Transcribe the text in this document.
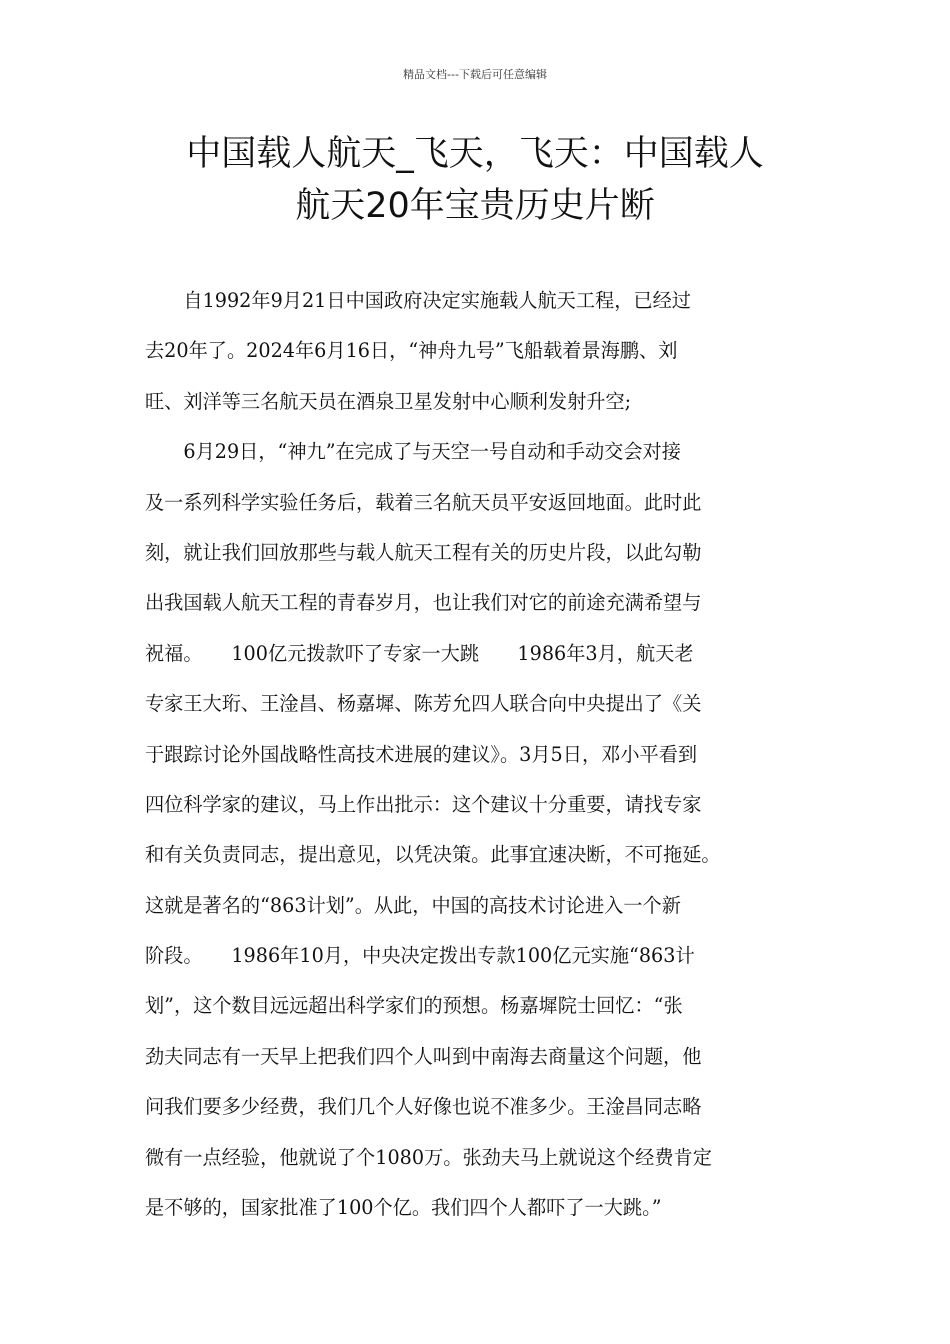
精品文档---下载后可任意编辑
中国载人航天_飞天，飞天：中国载人
航天20年宝贵历史片断
　　自1992年9月21日中国政府决定实施载人航天工程，已经过
去20年了。2024年6月16日，“神舟九号”飞船载着景海鹏、刘
旺、刘洋等三名航天员在酒泉卫星发射中心顺利发射升空;
　　6月29日，“神九”在完成了与天空一号自动和手动交会对接
及一系列科学实验任务后，载着三名航天员平安返回地面。此时此
刻，就让我们回放那些与载人航天工程有关的历史片段，以此勾勒
出我国载人航天工程的青春岁月，也让我们对它的前途充满希望与
祝福。　　100亿元拨款吓了专家一大跳　　1986年3月，航天老
专家王大珩、王淦昌、杨嘉墀、陈芳允四人联合向中央提出了《关
于跟踪讨论外国战略性高技术进展的建议》。3月5日，邓小平看到
四位科学家的建议，马上作出批示：这个建议十分重要，请找专家
和有关负责同志，提出意见，以凭决策。此事宜速决断，不可拖延。
这就是著名的“863计划”。从此，中国的高技术讨论进入一个新
阶段。　　1986年10月，中央决定拨出专款100亿元实施“863计
划”，这个数目远远超出科学家们的预想。杨嘉墀院士回忆：“张
劲夫同志有一天早上把我们四个人叫到中南海去商量这个问题，他
问我们要多少经费，我们几个人好像也说不准多少。王淦昌同志略
微有一点经验，他就说了个1080万。张劲夫马上就说这个经费肯定
是不够的，国家批准了100个亿。我们四个人都吓了一大跳。”
